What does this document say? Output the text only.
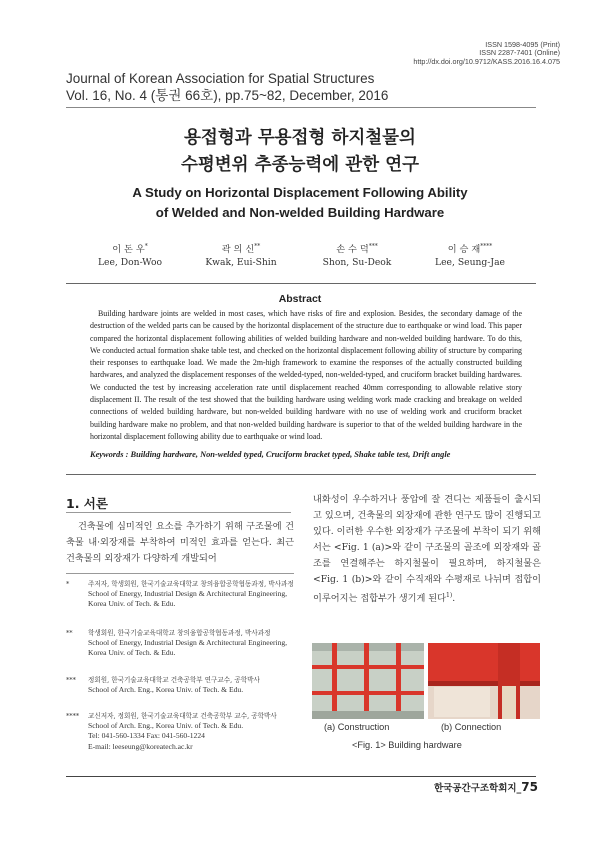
ISSN 1598-4095 (Print)
ISSN 2287-7401 (Online)
http://dx.doi.org/10.9712/KASS.2016.16.4.075
Journal of Korean Association for Spatial Structures
Vol. 16, No. 4 (통권 66호), pp.75~82, December, 2016
용접형과 무용접형 하지철물의
수평변위 추종능력에 관한 연구
A Study on Horizontal Displacement Following Ability
of Welded and Non-welded Building Hardware
이 돈 우*
Lee, Don-Woo
곽 의 신**
Kwak, Eui-Shin
손 수 덕***
Shon, Su-Deok
이 승 재****
Lee, Seung-Jae
Abstract
Building hardware joints are welded in most cases, which have risks of fire and explosion. Besides, the secondary damage of the destruction of the welded parts can be caused by the horizontal displacement of the structure due to earthquake or wind load. This paper compared the horizontal displacement following abilities of welded building hardware and non-welded building hardware. To do this, We conducted actual formation shake table test, and checked on the horizontal displacement following ability of structure by comparing their responses to earthquake load. We made the 2m-high framework to examine the responses of the actually constructed building hardwares, and analyzed the displacement responses of the welded-typed, non-welded-typed, and cruciform bracket building hardwares. We conducted the test by increasing acceleration rate until displacement reached 40mm corresponding to allowable relative story displacement II. The result of the test showed that the building hardware using welding work made cracking and breakage on welded connections of welded building hardware, but non-welded building hardware with no use of welding work and cruciform bracket building hardware make no problem, and that non-welded building hardware is superior to that of the welded building hardware in the horizontal displacement following ability due to earthquake or wind load.
Keywords : Building hardware, Non-welded typed, Cruciform bracket typed, Shake table test, Drift angle
1. 서론
건축물에 심미적인 요소를 추가하기 위해 구조물에 건축물 내·외장재를 부착하여 미적인 효과를 얻는다. 최근 건축물의 외장재가 다양하게 개발되어
내화성이 우수하거나 풍압에 잘 견디는 제품들이 출시되고 있으며, 건축물의 외장재에 관한 연구도 많이 진행되고 있다. 이러한 우수한 외장재가 구조물에 부착이 되기 위해서는 <Fig. 1 (a)>와 같이 구조물의 골조에 외장재와 골조를 연결해주는 하지철물이 필요하며, 하지철물은 <Fig. 1 (b)>와 같이 수직재와 수평재로 나뉘며 접합이 이루어지는 접합부가 생기게 된다$^{1)}$.
*	주저자, 학생회원, 한국기술교육대학교 창의융합공학협동과정, 박사과정
School of Energy, Industrial Design & Architectural Engineering, Korea Univ. of Tech. & Edu.
** 학생회원, 한국기술교육대학교 창의융합공학협동과정, 박사과정
School of Energy, Industrial Design & Architectural Engineering, Korea Univ. of Tech. & Edu.
*** 정회원, 한국기술교육대학교 건축공학부 연구교수, 공학박사
School of Arch. Eng., Korea Univ. of Tech. & Edu.
**** 교신저자, 정회원, 한국기술교육대학교 건축공학부 교수, 공학박사
School of Arch. Eng., Korea Univ. of Tech. & Edu.
Tel: 041-560-1334 Fax: 041-560-1224
E-mail: leeseung@koreatech.ac.kr
(a) Construction	(b) Connection
<Fig. 1> Building hardware
한국공간구조학회지_75
